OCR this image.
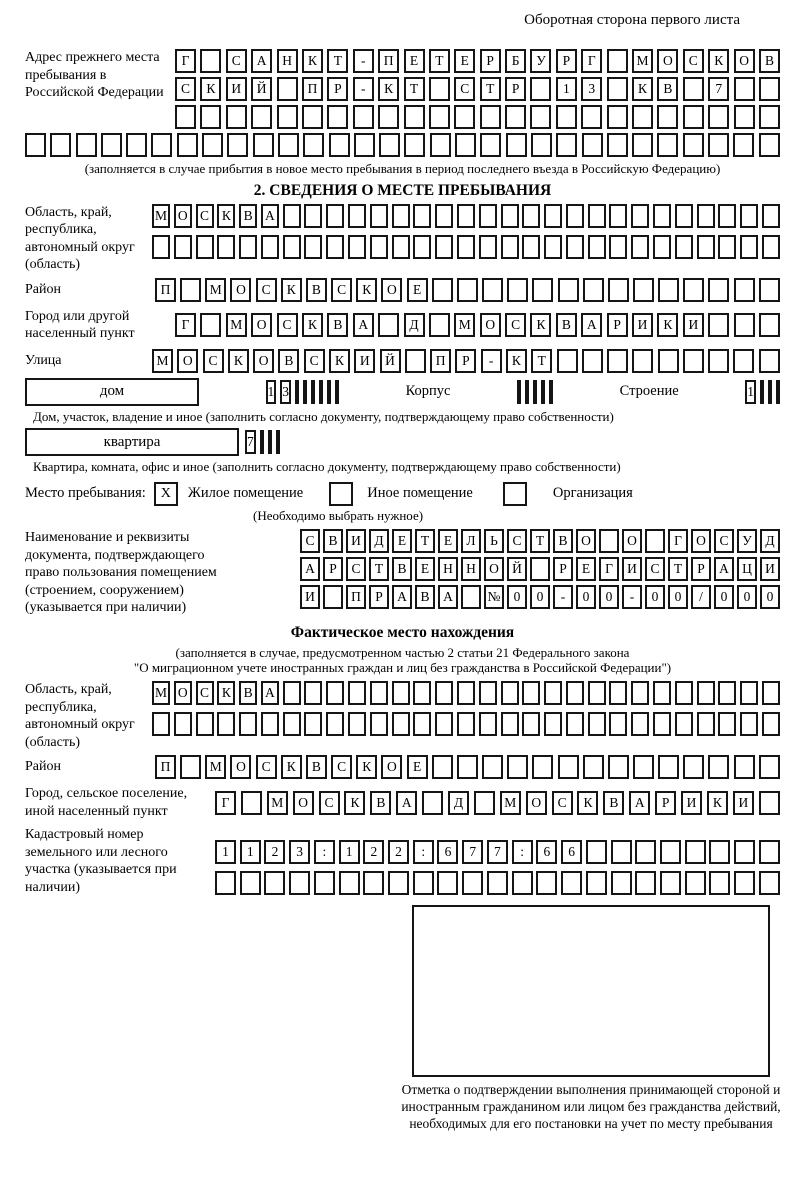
Оборотная сторона первого листа
Адрес прежнего места пребывания в Российской Федерации
Г	С	А	Н	К	Т	-	П	Е	Т	Е	Р	Б	У	Р	Г	М	О	С	К	О	В
С	К	И	Й	П	Р	-	К	Т	С	Т	Р	1	3	К	В	7
(заполняется в случае прибытия в новое место пребывания в период последнего въезда в Российскую Федерацию)
2. СВЕДЕНИЯ О МЕСТЕ ПРЕБЫВАНИЯ
Область, край, республика, автономный округ (область)
М О С К В А
Район	П	М	О	С	К	В	С	К	О	Е
Город или другой населенный пункт
Г	М	О	С	К	В	А	Д	М	О	С	К	В	А	Р	И	К	И
Улица	М	О	С	К	О	В	С	К	И	Й	П	Р	-	К	Т
дом	1 3	Корпус	Строение	1
Дом, участок, владение и иное (заполнить согласно документу, подтверждающему право собственности)
квартира	7
Квартира, комната, офис и иное (заполнить согласно документу, подтверждающему право собственности)
Место пребывания:	X	Жилое помещение	Иное помещение	Организация
(Необходимо выбрать нужное)
Наименование и реквизиты документа, подтверждающего право пользования помещением (строением, сооружением) (указывается при наличии)
С	В	И	Д	Е	Т	Е	Л	Ь	С	Т	В	О	О	Г	О	С	У	Д
А	Р	С	Т	В	Е	Н Н О Й	Р	Е	Г	И	С	Т	Р	А Ц И
И	П	Р	А	В	А	№ 0	0	-	0	0	-	0	0	/	0	0	0
Фактическое место нахождения
(заполняется в случае, предусмотренном частью 2 статьи 21 Федерального закона
"О миграционном учете иностранных граждан и лиц без гражданства в Российской Федерации")
Область, край, республика, автономный округ (область)
М О С К В А
Район	П	М	О	С	К	В	С	К	О	Е
Город, сельское поселение, иной населенный пункт
Г	М	О	С	К	В	А	Д	М	О	С	К	В	А	Р	И	К	И
Кадастровый номер земельного или лесного участка (указывается при наличии)
1	1	2	3	:	1	2	2	:	6	7	7	:	6	6
Отметка о подтверждении выполнения принимающей стороной и иностранным гражданином или лицом без гражданства действий, необходимых для его постановки на учет по месту пребывания
